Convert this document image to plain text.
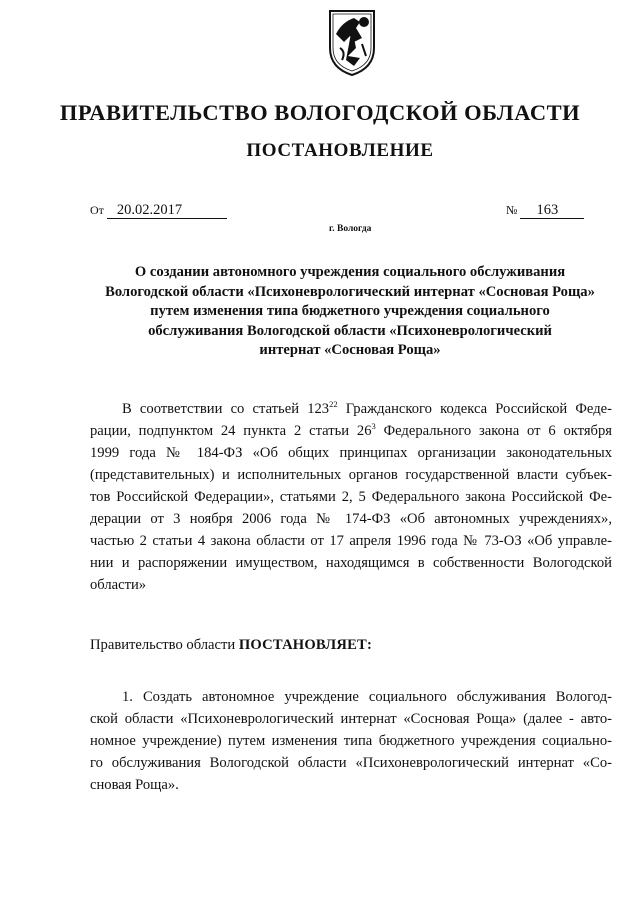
ПРАВИТЕЛЬСТВО ВОЛОГОДСКОЙ ОБЛАСТИ
ПОСТАНОВЛЕНИЕ
От 20.02.2017	№ 163
г. Вологда
О создании автономного учреждения социального обслуживания
Вологодской области «Психоневрологический интернат «Сосновая Роща»
путем изменения типа бюджетного учреждения социального
обслуживания Вологодской области «Психоневрологический
интернат «Сосновая Роща»
В соответствии со статьей $123^{22}$ Гражданского кодекса Российской Феде-
рации, подпунктом 24 пункта 2 статьи $26^3$ Федерального закона от 6 октября
1999 года № 184-ФЗ «Об общих принципах организации законодательных
(представительных) и исполнительных органов государственной власти субъек-
тов Российской Федерации», статьями 2, 5 Федерального закона Российской Фе-
дерации от 3 ноября 2006 года № 174-ФЗ «Об автономных учреждениях»,
частью 2 статьи 4 закона области от 17 апреля 1996 года № 73-ОЗ «Об управле-
нии и распоряжении имуществом, находящимся в собственности Вологодской
области»
Правительство области ПОСТАНОВЛЯЕТ:
1. Создать автономное учреждение социального обслуживания Вологод-
ской области «Психоневрологический интернат «Сосновая Роща» (далее - авто-
номное учреждение) путем изменения типа бюджетного учреждения социально-
го обслуживания Вологодской области «Психоневрологический интернат «Со-
сновая Роща».
